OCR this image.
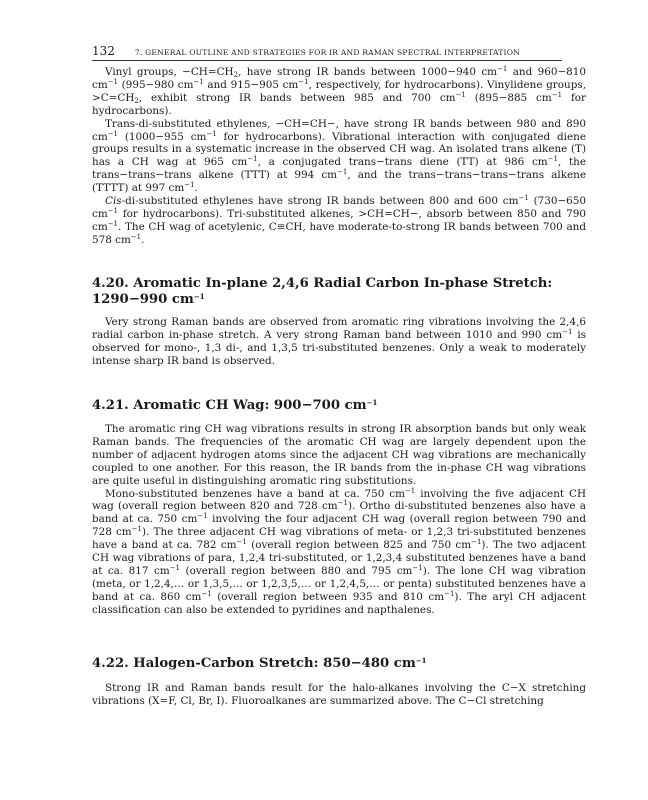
132	7. GENERAL OUTLINE AND STRATEGIES FOR IR AND RAMAN SPECTRAL INTERPRETATION

Vinyl groups, $-CH=CH_2$, have strong IR bands between 1000−940 $cm^{-1}$ and 960−810 $cm^{-1}$ (995−980 $cm^{-1}$ and 915−905 $cm^{-1}$, respectively, for hydrocarbons). Vinylidene groups, $>C=CH_2$, exhibit strong IR bands between 985 and 700 $cm^{-1}$ (895−885 $cm^{-1}$ for hydrocarbons).

Trans-di-substituted ethylenes, −CH=CH−, have strong IR bands between 980 and 890 $cm^{-1}$ (1000−955 $cm^{-1}$ for hydrocarbons). Vibrational interaction with conjugated diene groups results in a systematic increase in the observed CH wag. An isolated trans alkene (T) has a CH wag at 965 $cm^{-1}$, a conjugated trans−trans diene (TT) at 986 $cm^{-1}$, the trans−trans−trans alkene (TTT) at 994 $cm^{-1}$, and the trans−trans−trans−trans alkene (TTTT) at 997 $cm^{-1}$.

Cis-di-substituted ethylenes have strong IR bands between 800 and 600 $cm^{-1}$ (730−650 $cm^{-1}$ for hydrocarbons). Tri-substituted alkenes, >CH=CH−, absorb between 850 and 790 $cm^{-1}$. The CH wag of acetylenic, C≡CH, have moderate-to-strong IR bands between 700 and 578 $cm^{-1}$.

4.20. Aromatic In-plane 2,4,6 Radial Carbon In-phase Stretch: 1290−990 $cm^{-1}$

Very strong Raman bands are observed from aromatic ring vibrations involving the 2,4,6 radial carbon in-phase stretch. A very strong Raman band between 1010 and 990 $cm^{-1}$ is observed for mono-, 1,3 di-, and 1,3,5 tri-substituted benzenes. Only a weak to moderately intense sharp IR band is observed.

4.21. Aromatic CH Wag: 900−700 $cm^{-1}$

The aromatic ring CH wag vibrations results in strong IR absorption bands but only weak Raman bands. The frequencies of the aromatic CH wag are largely dependent upon the number of adjacent hydrogen atoms since the adjacent CH wag vibrations are mechanically coupled to one another. For this reason, the IR bands from the in-phase CH wag vibrations are quite useful in distinguishing aromatic ring substitutions.

Mono-substituted benzenes have a band at ca. 750 $cm^{-1}$ involving the five adjacent CH wag (overall region between 820 and 728 $cm^{-1}$). Ortho di-substituted benzenes also have a band at ca. 750 $cm^{-1}$ involving the four adjacent CH wag (overall region between 790 and 728 $cm^{-1}$). The three adjacent CH wag vibrations of meta- or 1,2,3 tri-substituted benzenes have a band at ca. 782 $cm^{-1}$ (overall region between 825 and 750 $cm^{-1}$). The two adjacent CH wag vibrations of para, 1,2,4 tri-substituted, or 1,2,3,4 substituted benzenes have a band at ca. 817 $cm^{-1}$ (overall region between 880 and 795 $cm^{-1}$). The lone CH wag vibration (meta, or 1,2,4,… or 1,3,5,… or 1,2,3,5,… or 1,2,4,5,… or penta) substituted benzenes have a band at ca. 860 $cm^{-1}$ (overall region between 935 and 810 $cm^{-1}$). The aryl CH adjacent classification can also be extended to pyridines and napthalenes.

4.22. Halogen-Carbon Stretch: 850−480 $cm^{-1}$

Strong IR and Raman bands result for the halo-alkanes involving the C−X stretching vibrations (X=F, Cl, Br, I). Fluoroalkanes are summarized above. The C−Cl stretching
